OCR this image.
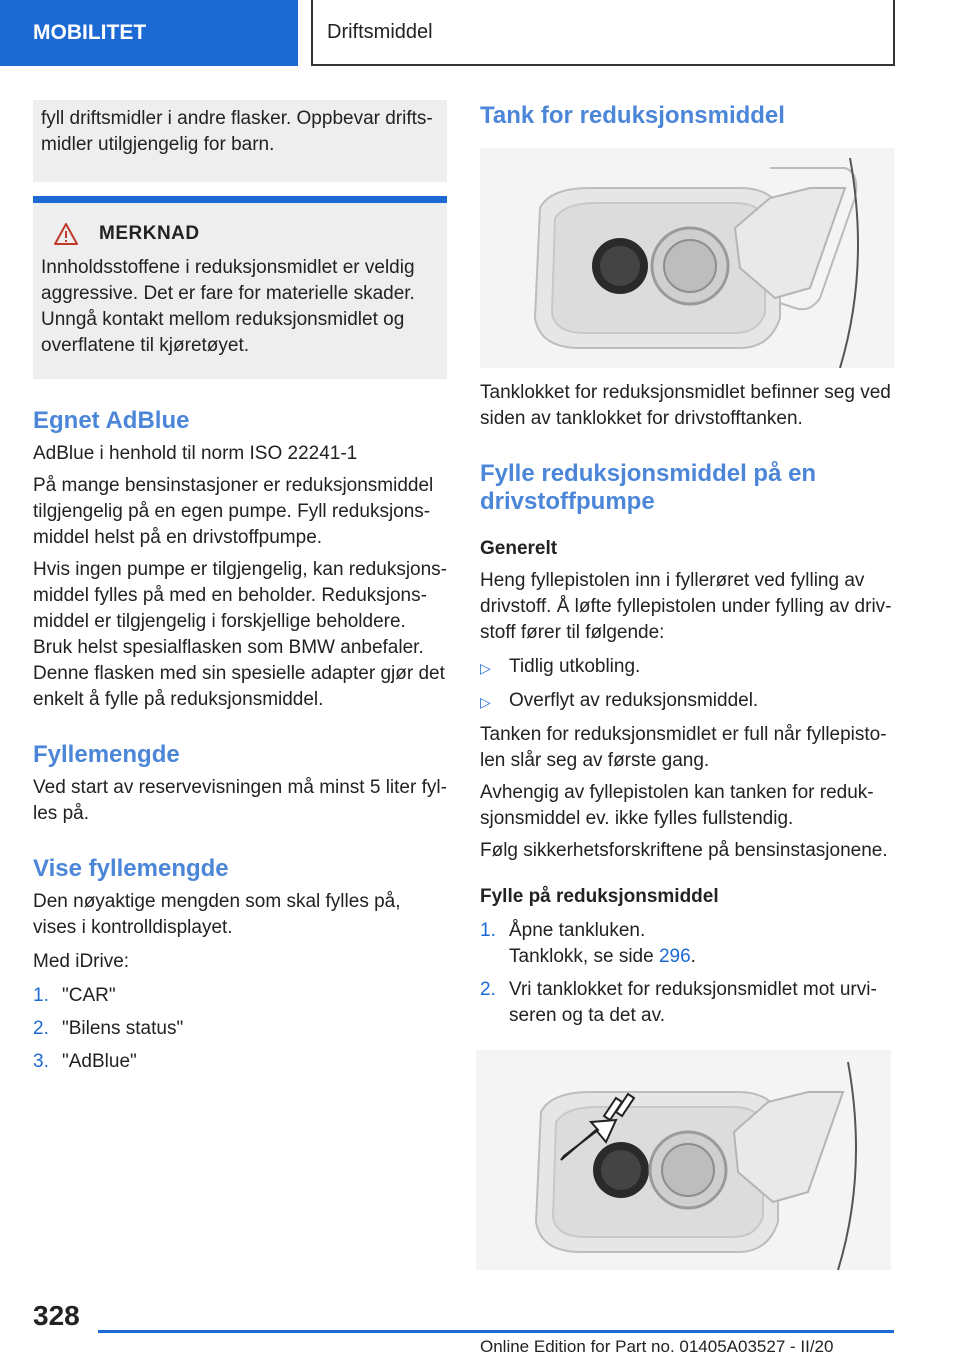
MOBILITET	Driftsmiddel

fyll driftsmidler i andre flasker. Oppbevar drifts-
midler utilgjengelig for barn.

MERKNAD

Innholdsstoffene i reduksjonsmidlet er veldig aggressive. Det er fare for materielle skader. Unngå kontakt mellom reduksjonsmidlet og overflatene til kjøretøyet.

Egnet AdBlue

AdBlue i henhold til norm ISO 22241-1

På mange bensinstasjoner er reduksjonsmiddel tilgjengelig på en egen pumpe. Fyll reduksjons-middel helst på en drivstoffpumpe.

Hvis ingen pumpe er tilgjengelig, kan reduksjons-middel fylles på med en beholder. Reduksjons-middel er tilgjengelig i forskjellige beholdere. Bruk helst spesialflasken som BMW anbefaler. Denne flasken med sin spesielle adapter gjør det enkelt å fylle på reduksjonsmiddel.

Fyllemengde

Ved start av reservevisningen må minst 5 liter fyl-les på.

Vise fyllemengde

Den nøyaktige mengden som skal fylles på, vises i kontrolldisplayet.

Med iDrive:

1. "CAR"
2. "Bilens status"
3. "AdBlue"
Tank for reduksjonsmiddel

Tanklokket for reduksjonsmidlet befinner seg ved siden av tanklokket for drivstofftanken.

Fylle reduksjonsmiddel på en drivstoffpumpe

Generelt

Heng fyllepistolen inn i fyllerøret ved fylling av drivstoff. Å løfte fyllepistolen under fylling av driv-stoff fører til følgende:

▷ Tidlig utkobling.
▷ Overflyt av reduksjonsmiddel.

Tanken for reduksjonsmidlet er full når fyllepisto-len slår seg av første gang.

Avhengig av fyllepistolen kan tanken for reduk-sjonsmiddel ev. ikke fylles fullstendig.

Følg sikkerhetsforskriftene på bensinstasjonene.

Fylle på reduksjonsmiddel

1. Åpne tankluken.
Tanklokk, se side 296.
2. Vri tanklokket for reduksjonsmidlet mot urvi-seren og ta det av.
328
Online Edition for Part no. 01405A03527 - II/20
